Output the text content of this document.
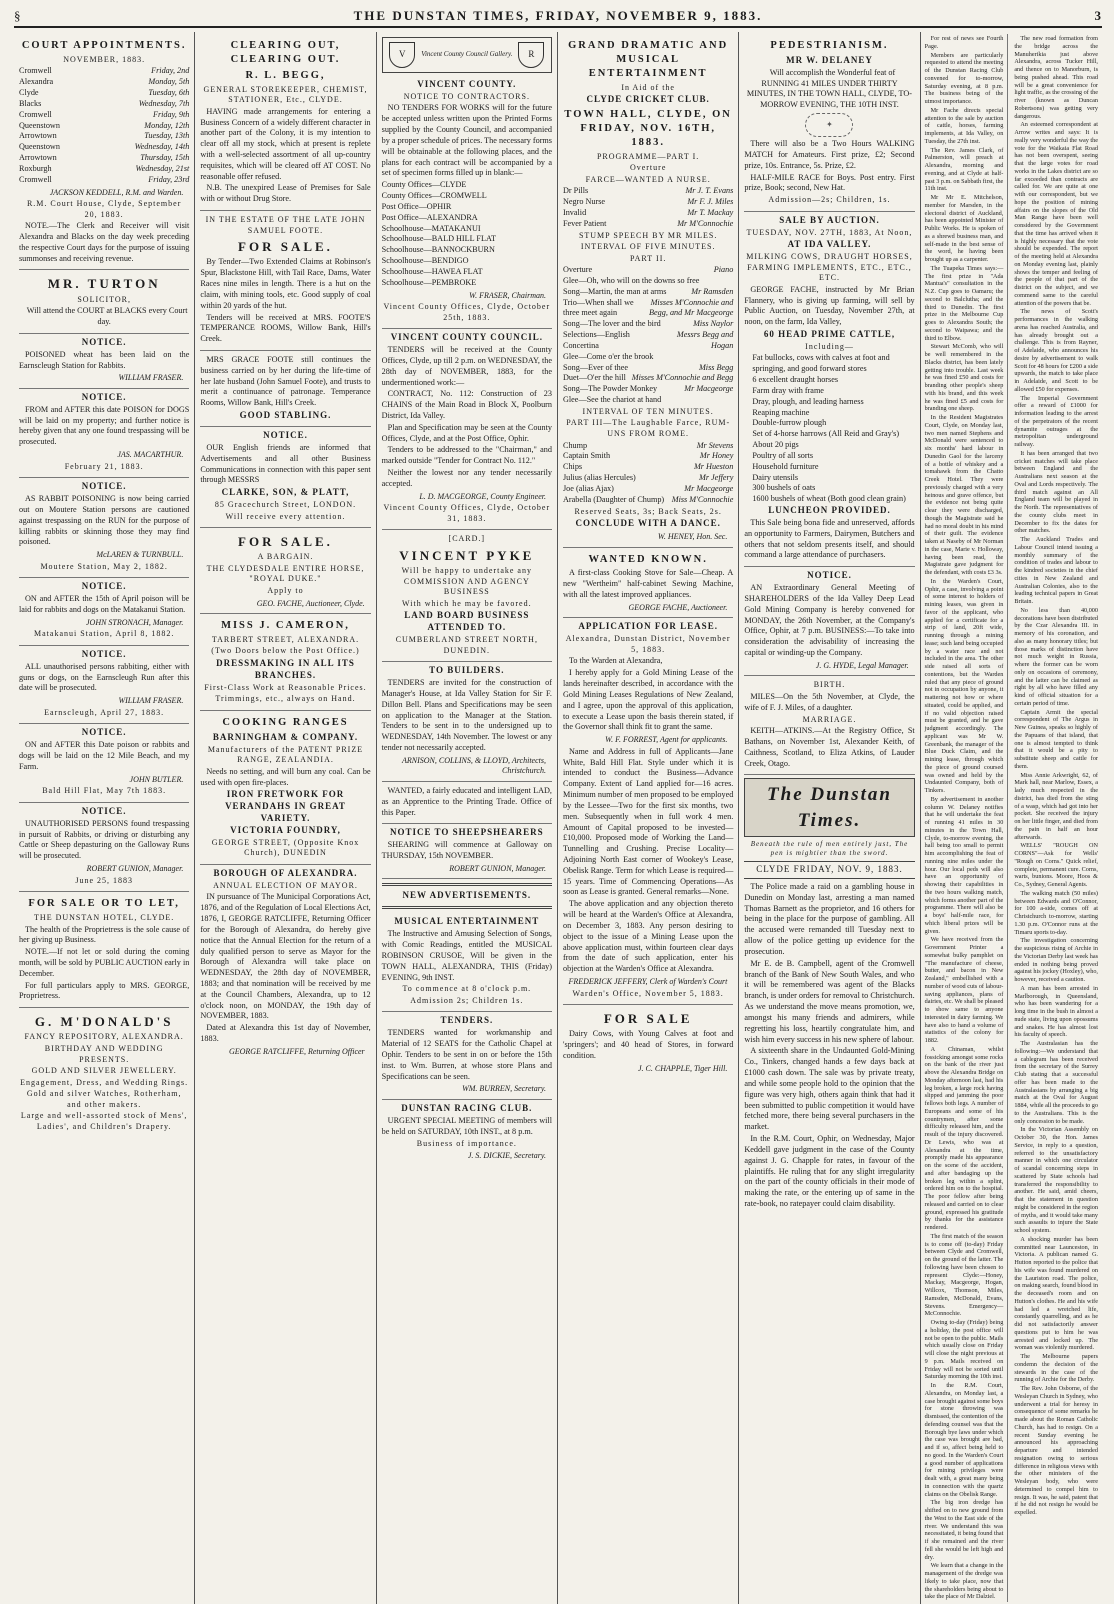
§	THE DUNSTAN TIMES, FRIDAY, NOVEMBER 9, 1883.	3
COURT APPOINTMENTS.
NOVEMBER, 1883.
Cromwell	Friday, 2nd
Alexandra	Monday, 5th
Clyde	Tuesday, 6th
Blacks	Wednesday, 7th
Cromwell	Friday, 9th
Queenstown	Monday, 12th
Arrowtown	Tuesday, 13th
Queenstown	Wednesday, 14th
Arrowtown	Thursday, 15th
Roxburgh	Wednesday, 21st
Cromwell	Friday, 23rd
JACKSON KEDDELL, R.M. and Warden.
R.M. Court House, Clyde, September 20, 1883.

NOTE.—The Clerk and Receiver will visit Alexandra and Blacks on the day week preceding the respective Court days for the purpose of issuing summonses and receiving revenue.

MR. TURTON
SOLICITOR,

Will attend the COURT at BLACKS every Court day.

NOTICE.

POISONED wheat has been laid on the Earnscleugh Station for Rabbits.

WILLIAM FRASER.
NOTICE.

FROM and AFTER this date POISON for DOGS will be laid on my property; and further notice is hereby given that any one found trespassing will be prosecuted.

JAS. MACARTHUR.
February 21, 1883.
NOTICE.

AS RABBIT POISONING is now being carried out on Moutere Station persons are cautioned against trespassing on the RUN for the purpose of killing rabbits or skinning those they may find poisoned.

McLAREN & TURNBULL.
Moutere Station, May 2, 1882.
NOTICE.

ON and AFTER the 15th of April poison will be laid for rabbits and dogs on the Matakanui Station.

JOHN STRONACH, Manager.
Matakanui Station, April 8, 1882.
NOTICE.

ALL unauthorised persons rabbiting, either with guns or dogs, on the Earnscleugh Run after this date will be prosecuted.

WILLIAM FRASER.
Earnscleugh, April 27, 1883.
NOTICE.

ON and AFTER this Date poison or rabbits and dogs will be laid on the 12 Mile Beach, and my Farm.

JOHN BUTLER.
Bald Hill Flat, May 7th 1883.
NOTICE.

UNAUTHORISED PERSONS found trespassing in pursuit of Rabbits, or driving or disturbing any Cattle or Sheep depasturing on the Galloway Runs will be prosecuted.

ROBERT GUNION, Manager.
June 25, 1883
FOR SALE OR TO LET,
THE DUNSTAN HOTEL, CLYDE.

The health of the Proprietress is the sole cause of her giving up Business.

NOTE.—If not let or sold during the coming month, will be sold by PUBLIC AUCTION early in December.

For full particulars apply to MRS. GEORGE, Proprietress.

G. M'DONALD'S
FANCY REPOSITORY, ALEXANDRA.
BIRTHDAY AND WEDDING PRESENTS.
GOLD AND SILVER JEWELLERY.
Engagement, Dress, and Wedding Rings.
Gold and silver Watches, Rotherham, and other makers.
Large and well-assorted stock of Mens', Ladies', and Children's Drapery.
CLEARING OUT, CLEARING OUT.
R. L. BEGG,
GENERAL STOREKEEPER, CHEMIST, STATIONER, Etc., CLYDE.

HAVING made arrangements for entering a Business Concern of a widely different character in another part of the Colony, it is my intention to clear off all my stock, which at present is replete with a well-selected assortment of all up-country requisites, which will be cleared off AT COST. No reasonable offer refused.

N.B. The unexpired Lease of Premises for Sale with or without Drug Store.

IN THE ESTATE OF THE LATE JOHN SAMUEL FOOTE.
FOR SALE.

By Tender—Two Extended Claims at Robinson's Spur, Blackstone Hill, with Tail Race, Dams, Water Races nine miles in length. There is a hut on the claim, with mining tools, etc. Good supply of coal within 20 yards of the hut.

Tenders will be received at MRS. FOOTE'S TEMPERANCE ROOMS, Willow Bank, Hill's Creek.

MRS GRACE FOOTE still continues the business carried on by her during the life-time of her late husband (John Samuel Foote), and trusts to merit a continuance of patronage. Temperance Rooms, Willow Bank, Hill's Creek.

GOOD STABLING.
NOTICE.

OUR English friends are informed that Advertisements and all other Business Communications in connection with this paper sent through MESSRS

CLARKE, SON, & PLATT,
85 Gracechurch Street, LONDON.
Will receive every attention.
FOR SALE.
A BARGAIN.
THE CLYDESDALE ENTIRE HORSE, "ROYAL DUKE."
Apply to
GEO. FACHE, Auctioneer, Clyde.
MISS J. CAMERON,
TARBERT STREET, ALEXANDRA.
(Two Doors below the Post Office.)
DRESSMAKING IN ALL ITS BRANCHES.
First-Class Work at Reasonable Prices.
Trimmings, etc., always on Hand.
COOKING RANGES
BARNINGHAM & COMPANY.
Manufacturers of the PATENT PRIZE RANGE, ZEALANDIA.

Needs no setting, and will burn any coal. Can be used with open fire-places.

IRON FRETWORK FOR VERANDAHS IN GREAT VARIETY.
VICTORIA FOUNDRY,
GEORGE STREET, (Opposite Knox Church), DUNEDIN
BOROUGH OF ALEXANDRA.
ANNUAL ELECTION OF MAYOR.

IN pursuance of The Municipal Corporations Act, 1876, and of the Regulation of Local Elections Act, 1876, I, GEORGE RATCLIFFE, Returning Officer for the Borough of Alexandra, do hereby give notice that the Annual Election for the return of a duly qualified person to serve as Mayor for the Borough of Alexandra will take place on WEDNESDAY, the 28th day of NOVEMBER, 1883; and that nomination will be received by me at the Council Chambers, Alexandra, up to 12 o'clock noon, on MONDAY, the 19th day of NOVEMBER, 1883.

Dated at Alexandra this 1st day of November, 1883.

GEORGE RATCLIFFE, Returning Officer
V	Vincent County Council Gallery.	R
VINCENT COUNTY.
NOTICE TO CONTRACTORS.

NO TENDERS FOR WORKS will for the future be accepted unless written upon the Printed Forms supplied by the County Council, and accompanied by a proper schedule of prices. The necessary forms will be obtainable at the following places, and the plans for each contract will be accompanied by a set of specimen forms filled up in blank:—

County Offices—CLYDE
County Offices—CROMWELL
Post Office—OPHIR
Post Office—ALEXANDRA
Schoolhouse—MATAKANUI
Schoolhouse—BALD HILL FLAT
Schoolhouse—BANNOCKBURN
Schoolhouse—BENDIGO
Schoolhouse—HAWEA FLAT
Schoolhouse—PEMBROKE
W. FRASER, Chairman.
Vincent County Offices, Clyde, October 25th, 1883.
VINCENT COUNTY COUNCIL.

TENDERS will be received at the County Offices, Clyde, up till 2 p.m. on WEDNESDAY, the 28th day of NOVEMBER, 1883, for the undermentioned work:—

CONTRACT, No. 112: Construction of 23 CHAINS of the Main Road in Block X, Poolburn District, Ida Valley.

Plan and Specification may be seen at the County Offices, Clyde, and at the Post Office, Ophir.

Tenders to be addressed to the "Chairman," and marked outside "Tender for Contract No. 112."

Neither the lowest nor any tender necessarily accepted.

L. D. MACGEORGE, County Engineer.
Vincent County Offices, Clyde, October 31, 1883.
[CARD.]
VINCENT PYKE
Will be happy to undertake any COMMISSION AND AGENCY BUSINESS
With which he may be favored.
LAND BOARD BUSINESS ATTENDED TO.
CUMBERLAND STREET NORTH, DUNEDIN.
TO BUILDERS.

TENDERS are invited for the construction of Manager's House, at Ida Valley Station for Sir F. Dillon Bell. Plans and Specifications may be seen on application to the Manager at the Station. Tenders to be sent in to the undersigned up to WEDNESDAY, 14th November. The lowest or any tender not necessarily accepted.

ARNISON, COLLINS, & LLOYD, Architects, Christchurch.

WANTED, a fairly educated and intelligent LAD, as an Apprentice to the Printing Trade. Office of this Paper.

NOTICE TO SHEEPSHEARERS

SHEARING will commence at Galloway on THURSDAY, 15th NOVEMBER.

ROBERT GUNION, Manager.
NEW ADVERTISEMENTS.
MUSICAL ENTERTAINMENT

The Instructive and Amusing Selection of Songs, with Comic Readings, entitled the MUSICAL ROBINSON CRUSOE, Will be given in the TOWN HALL, ALEXANDRA, THIS (Friday) EVENING, 9th INST.

To commence at 8 o'clock p.m.
Admission 2s; Children 1s.
TENDERS.

TENDERS wanted for workmanship and Material of 12 SEATS for the Catholic Chapel at Ophir. Tenders to be sent in on or before the 15th inst. to Wm. Burren, at whose store Plans and Specifications can be seen.

WM. BURREN, Secretary.
DUNSTAN RACING CLUB.

URGENT SPECIAL MEETING of members will be held on SATURDAY, 10th INST., at 8 p.m.

Business of importance.
J. S. DICKIE, Secretary.
GRAND DRAMATIC AND MUSICAL ENTERTAINMENT
In Aid of the
CLYDE CRICKET CLUB.
TOWN HALL, CLYDE, ON FRIDAY, NOV. 16TH, 1883.
PROGRAMME—PART I.
Overture
FARCE—WANTED A NURSE.
Dr Pills	Mr J. T. Evans
Negro Nurse	Mr F. J. Miles
Invalid	Mr T. Mackay
Fever Patient	Mr M'Connochie
STUMP SPEECH BY MR MILES.
INTERVAL OF FIVE MINUTES.
PART II.
Overture	Piano
Glee—Oh, who will on the downs so free
Song—Martin, the man at arms	Mr Ramsden
Trio—When shall we three meet again
Misses M'Connochie and Begg, and Mr Macgeorge
Song—The lover and the bird	Miss Naylor
Selections—English Concertina
Messrs Begg and Hogan
Glee—Come o'er the brook
Song—Ever of thee	Miss Begg
Duet—O'er the hill Misses M'Connochie and Begg
Song—The Powder Monkey	Mr Macgeorge
Glee—See the chariot at hand
INTERVAL OF TEN MINUTES.
PART III—The Laughable Farce, RUM-UNS FROM ROME.
Chump	Mr Stevens
Captain Smith	Mr Honey
Chips	Mr Hueston
Julius (alias Hercules)	Mr Jeffery
Joe (alias Ajax)	Mr Macgeorge
Arabella (Daughter of Chump) Miss M'Connochie
Reserved Seats, 3s; Back Seats, 2s.
CONCLUDE WITH A DANCE.
W. HENEY, Hon. Sec.
WANTED KNOWN.

A first-class Cooking Stove for Sale—Cheap. A new "Wertheim" half-cabinet Sewing Machine, with all the latest improved appliances.

GEORGE FACHE, Auctioneer.
APPLICATION FOR LEASE.
Alexandra, Dunstan District, November 5, 1883.

To the Warden at Alexandra,

I hereby apply for a Gold Mining Lease of the lands hereinafter described, in accordance with the Gold Mining Leases Regulations of New Zealand, and I agree, upon the approval of this application, to execute a Lease upon the basis therein stated, if the Governor shall think fit to grant the same.

W. F. FORREST, Agent for applicants.

Name and Address in full of Applicants—Jane White, Bald Hill Flat. Style under which it is intended to conduct the Business—Advance Company. Extent of Land applied for—16 acres. Minimum number of men proposed to be employed by the Lessee—Two for the first six months, two men. Subsequently when in full work 4 men. Amount of Capital proposed to be invested—£10,000. Proposed mode of Working the Land—Tunnelling and Crushing. Precise Locality—Adjoining North East corner of Wookey's Lease, Obelisk Range. Term for which Lease is required—15 years. Time of Commencing Operations—As soon as Lease is granted. General remarks—None.

The above application and any objection thereto will be heard at the Warden's Office at Alexandra, on December 3, 1883. Any person desiring to object to the issue of a Mining Lease upon the above application must, within fourteen clear days from the date of such application, enter his objection at the Warden's Office at Alexandra.

FREDERICK JEFFERY, Clerk of Warden's Court
Warden's Office, November 5, 1883.
FOR SALE

Dairy Cows, with Young Calves at foot and 'springers'; and 40 head of Stores, in forward condition.

J. C. CHAPPLE, Tiger Hill.
PEDESTRIANISM.
MR W. DELANEY

Will accomplish the Wonderful feat of RUNNING 41 MILES UNDER THIRTY MINUTES, IN THE TOWN HALL, CLYDE, TO-MORROW EVENING, THE 10TH INST.

✦

There will also be a Two Hours WALKING MATCH for Amateurs. First prize, £2; Second prize, 10s. Entrance, 5s. Prize, £2.

HALF-MILE RACE for Boys. Post entry. First prize, Book; second, New Hat.

Admission—2s; Children, 1s.
SALE BY AUCTION.
TUESDAY, NOV. 27TH, 1883, At Noon,
AT IDA VALLEY.
MILKING COWS, DRAUGHT HORSES, FARMING IMPLEMENTS, ETC., ETC., ETC.

GEORGE FACHE, instructed by Mr Brian Flannery, who is giving up farming, will sell by Public Auction, on Tuesday, November 27th, at noon, on the farm, Ida Valley,

60 HEAD PRIME CATTLE,
Including—
Fat bullocks, cows with calves at foot and springing, and good forward stores
6 excellent draught horses
Farm dray with frame
Dray, plough, and leading harness
Reaping machine
Double-furrow plough
Set of 4-horse harrows (All Reid and Gray's)
About 20 pigs
Poultry of all sorts
Household furniture
Dairy utensils
300 bushels of oats
1600 bushels of wheat (Both good clean grain)
LUNCHEON PROVIDED.

This Sale being bona fide and unreserved, affords an opportunity to Farmers, Dairymen, Butchers and others that not seldom presents itself, and should command a large attendance of purchasers.

NOTICE.

AN Extraordinary General Meeting of SHAREHOLDERS of the Ida Valley Deep Lead Gold Mining Company is hereby convened for MONDAY, the 26th November, at the Company's Office, Ophir, at 7 p.m. BUSINESS:—To take into consideration the advisability of increasing the capital or winding-up the Company.

J. G. HYDE, Legal Manager.
BIRTH.

MILES—On the 5th November, at Clyde, the wife of F. J. Miles, of a daughter.

MARRIAGE.

KEITH—ATKINS.—At the Registry Office, St Bathans, on November 1st, Alexander Keith, of Caithness, Scotland, to Eliza Atkins, of Lauder Creek, Otago.

The Dunstan Times.
Beneath the rule of men entirely just, The pen is mightier than the sword.
CLYDE FRIDAY, NOV. 9, 1883.

The Police made a raid on a gambling house in Dunedin on Monday last, arresting a man named Thomas Barnett as the proprietor, and 16 others for being in the place for the purpose of gambling. All the accused were remanded till Tuesday next to allow of the police getting up evidence for the prosecution.

Mr E. de B. Campbell, agent of the Cromwell branch of the Bank of New South Wales, and who it will be remembered was agent of the Blacks branch, is under orders for removal to Christchurch. As we understand the move means promotion, we, amongst his many friends and admirers, while regretting his loss, heartily congratulate him, and wish him every success in his new sphere of labour.

A sixteenth share in the Undaunted Gold-Mining Co., Tinkers, changed hands a few days back at £1000 cash down. The sale was by private treaty, and while some people hold to the opinion that the figure was very high, others again think that had it been submitted to public competition it would have fetched more, there being several purchasers in the market.

In the R.M. Court, Ophir, on Wednesday, Major Keddell gave judgment in the case of the County against J. G. Chapple for rates, in favour of the plaintiffs. He ruling that for any slight irregularity on the part of the county officials in their mode of making the rate, or the entering up of same in the rate-book, no ratepayer could claim disability.

For rest of news see Fourth Page.

Members are particularly requested to attend the meeting of the Dunstan Racing Club convened for to-morrow, Saturday evening, at 8 p.m. The business being of the utmost importance.

Mr Fache directs special attention to the sale by auction of cattle, horses, farming implements, at Ida Valley, on Tuesday, the 27th inst.

The Rev. James Clark, of Palmerston, will preach at Alexandra, morning and evening, and at Clyde at half-past 3 p.m. on Sabbath first, the 11th inst.

Mr Mr E. Mitchelson, member for Marsden, in the electoral district of Auckland, has been appointed Minister of Public Works. He is spoken of as a shrewd business man, and self-made in the best sense of the word, he having been brought up as a carpenter.

The Tuapeka Times says:—The first prize in "Ada Mantua's" consultation in the N.Z. Cup goes to Oamaru; the second to Balclutha; and the third to Dunedin. The first prize in the Melbourne Cup goes to Alexandra South; the second to Waipawa; and the third to Elbow.

Stewart McComb, who will be well remembered in the Blacks district, has been lately getting into trouble. Last week he was fined £50 and costs for branding other people's sheep with his brand, and this week he was fined £5 and costs for branding one sheep.

In the Resident Magistrates Court, Clyde, on Monday last, two men named Stephens and McDonald were sentenced to six months' hard labour in Dunedin Gaol for the larceny of a bottle of whiskey and a tomahawk from the Chatto Creek Hotel. They were previously charged with a very heinous and grave offence, but the evidence not being quite clear they were discharged, though the Magistrate said he had no moral doubt in his mind of their guilt. The evidence taken at Naseby of Mr Norman in the case, Marie v. Holloway, having been read, the Magistrate gave judgment for the defendant, with costs £3 3s.

In the Warden's Court, Ophir, a case, involving a point of some interest to holders of mining leases, was given in favor of the applicant, who applied for a certificate for a strip of land, 20ft wide, running through a mining lease; such land being occupied by a water race and not included in the area. The other side raised all sorts of contentions, but the Warden ruled that any piece of ground not in occupation by anyone, it mattering not how or where situated, could be applied, and if no valid objection raised must be granted, and he gave judgment accordingly. The applicant was Mr W. Greenbank, the manager of the Blue Duck Claim, and the mining lease, through which the piece of ground coursed was owned and held by the Undaunted Company, both of Tinkers.

By advertisement in another column W. Delaney notifies that he will undertake the feat of running 41 miles in 30 minutes in the Town Hall, Clyde, to-morrow evening, the hall being too small to permit him accomplishing the feat of running nine miles under the hour. Our local peds will also have an opportunity of showing their capabilities in the two hours walking match, which forms another part of the programme. There will also be a boys' half-mile race, for which liberal prizes will be given.

We have received from the Government Printer a somewhat bulky pamphlet on "The manufacture of cheese, butter, and bacon in New Zealand," embellished with a number of wood cuts of labour-saving appliances, plans of dairies, etc. We shall be pleased to show same to anyone interested in dairy farming. We have also to hand a volume of statistics of the colony for 1882.

A Chinaman, whilst fossicking amongst some rocks on the bank of the river just above the Alexandra Bridge on Monday afternoon last, had his leg broken, a large rock having slipped and jamming the poor fellows both legs. A number of Europeans and some of his countrymen, after some difficulty released him, and the result of the injury discovered. Dr Lewis, who was at Alexandra at the time, promptly made his appearance on the scene of the accident, and after bandaging up the broken leg within a splint, ordered him on to the hospital. The poor fellow after being released and carried on to clear ground, expressed his gratitude by thanks for the assistance rendered.

The first match of the season is to come off (to-day) Friday between Clyde and Cromwell, on the ground of the latter. The following have been chosen to represent Clyde:—Honey, Mackay, Macgeorge, Hogan, Willcox, Thomson, Miles, Ramsden, McDonald, Evans, Stevens. Emergency—McConnochie.

Owing to-day (Friday) being a holiday, the post office will not be open to the public. Mails which usually close on Friday will close the night previous at 9 p.m. Mails received on Friday will not be sorted until Saturday morning the 10th inst.

In the R.M. Court, Alexandra, on Monday last, a case brought against some boys for stone throwing was dismissed, the contention of the defending counsel was that the Borough bye laws under which the case was brought are bad, and if so, affect being held to no good. In the Warden's Court a good number of applications for mining privileges were dealt with, a great many being in connection with the quartz claims on the Obelisk Range.

The big iron dredge has shifted on to new ground from the West to the East side of the river. We understand this was necessitated, it being found that if she remained and the river fell she would be left high and dry.

We learn that a change in the management of the dredge was likely to take place, now that the shareholders being about to take the place of Mr Dalziel.

The new road formation from the bridge across the Manuherikia just above Alexandra, across Tucker Hill, and thence on to Manorburn, is being pushed ahead. This road will be a great convenience for light traffic, as the crossing of the river (known as Duncan Robertsons) was getting very dangerous.

An esteemed correspondent at Arrow writes and says: It is really very wonderful the way the vote for the Waikaia Flat Road has not been overspent, seeing that the large votes for road works in the Lakes district are so far exceeded than contracts are called for. We are quite at one with our correspondent, but we hope the position of mining affairs on the slopes of the Old Man Range have been well considered by the Government that the time has arrived when it is highly necessary that the vote should be expended. The report of the meeting held at Alexandra on Monday evening last, plainly shows the temper and feeling of the people of that part of the district on the subject, and we commend same to the careful attention of the powers that be.

The news of Scott's performances in the walking arena has reached Australia, and has already brought out a challenge. This is from Rayner, of Adelaide, who announces his desire by advertisement to walk Scott for 48 hours for £200 a side upwards, the match to take place in Adelaide, and Scott to be allowed £50 for expenses.

The Imperial Government offer a reward of £1000 for information leading to the arrest of the perpetrators of the recent dynamite outrages at the metropolitan underground railway.

It has been arranged that two cricket matches will take place between England and the Australians next season at the Oval and Lords respectively. The third match against an All England team will be played in the North. The representatives of the county clubs meet in December to fix the dates for other matches.

The Auckland Trades and Labour Council intend issuing a monthly summary of the condition of trades and labour to the kindred societies in the chief cities in New Zealand and Australian Colonies, also to the leading technical papers in Great Britain.

No less than 40,000 decorations have been distributed by the Czar Alexandra III. in memory of his coronation, and also as many honorary titles; but those marks of distinction have not much weight in Russia, where the former can be worn only on occasions of ceremony, and the latter can be claimed as right by all who have filled any kind of official situation for a certain period of time.

Captain Armit the special correspondent of The Argus in New Guinea, speaks so highly of the Papuans of that island, that one is almost tempted to think that it would be a pity to substitute sheep and cattle for them.

Miss Annie Arkwright, 62, of Mark hall, near Marlow, Essex, a lady much respected in the district, has died from the sting of a wasp, which had got into her pocket. She received the injury on her little finger, and died from the pain in half an hour afterwards.

WELLS' "ROUGH ON CORNS"—Ask for Wells' "Rough on Corns." Quick relief, complete, permanent cure. Corns, warts, bunions. Moore, Hoos & Co., Sydney, General Agents.

The walking match (50 miles) between Edwards and O'Connor, for 100 a-side, comes off at Christchurch to-morrow, starting 1.30 p.m. O'Connor runs at the Timaru sports to-day.

The investigation concerning the suspicious rising of Archie in the Victorian Derby last week has ended in nothing being proved against his jockey (Hoxley), who, however, received a caution.

A man has been arrested in Marlborough, in Queensland, who has been wandering for a long time in the bush in almost a nude state, living upon opossums and snakes. He has almost lost his faculty of speech.

The Australasian has the following:—We understand that a cablegram has been received from the secretary of the Surrey Club stating that a successful offer has been made to the Australasians by arranging a big match at the Oval for August 1884, while all the proceeds to go to the Australians. This is the only concession to be made.

In the Victorian Assembly on October 30, the Hon. James Service, in reply to a question, referred to the unsatisfactory manner in which one circulator of scandal concerning steps in scattered by State schools had transferred the responsibility to another. He said, amid cheers, that the statement in question might be considered in the region of myths, and it would take many such assaults to injure the State school system.

A shocking murder has been committed near Launceston, in Victoria. A publican named G. Hutton reported to the police that his wife was found murdered on the Lauriston road. The police, on making search, found blood in the deceased's room and on Hutton's clothes. He and his wife had led a wretched life, constantly quarrelling, and as he did not satisfactorily answer questions put to him he was arrested and locked up. The woman was violently murdered.

The Melbourne papers condemn the decision of the stewards in the case of the running of Archie for the Derby.

The Rev. John Osborne, of the Wesleyan Church in Sydney, who underwent a trial for heresy in consequence of some remarks he made about the Roman Catholic Church, has had to resign. On a recent Sunday evening he announced his approaching departure and intended resignation owing to serious difference in religious views with the other ministers of the Wesleyan body, who were determined to compel him to resign. It was, he said, patent that if he did not resign he would be expelled.
